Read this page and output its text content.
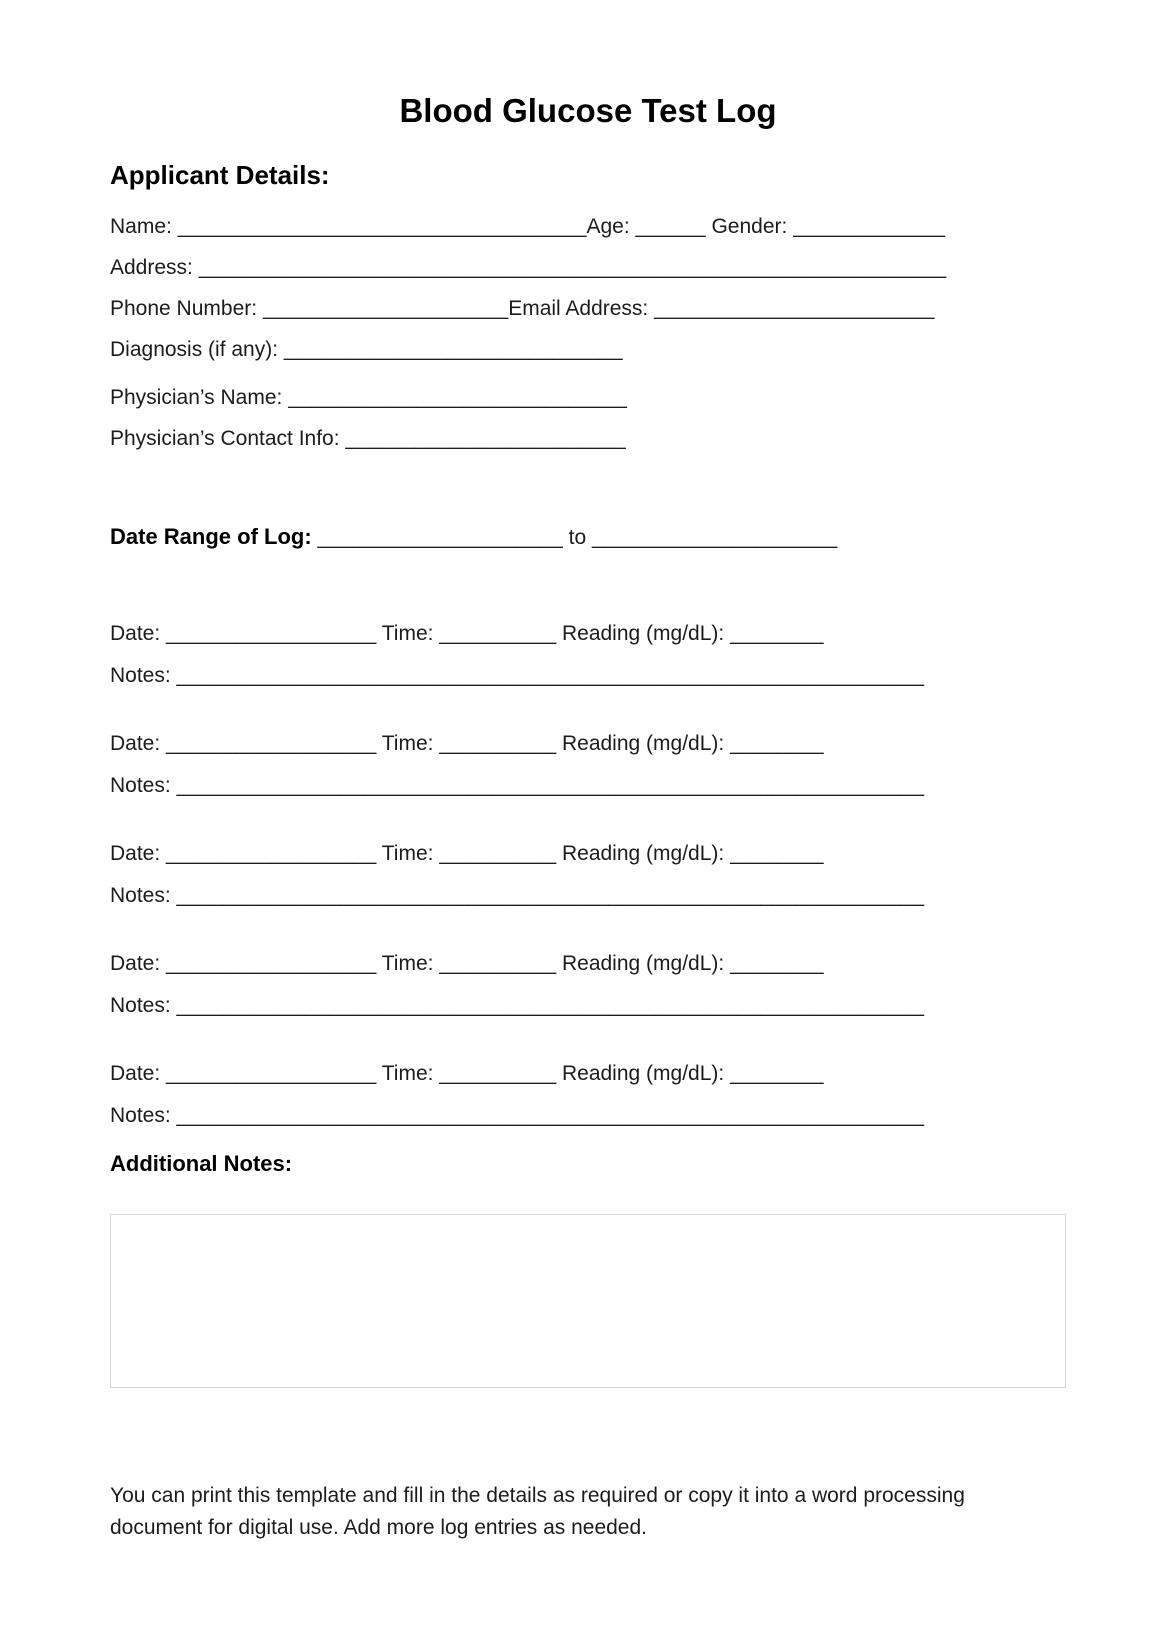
Blood Glucose Test Log
Applicant Details:

Name: ___________________________________Age: ______ Gender: _____________

Address: ________________________________________________________________

Phone Number: _____________________Email Address: ________________________

Diagnosis (if any): _____________________________

Physician’s Name: _____________________________

Physician’s Contact Info: ________________________

Date Range of Log: _____________________ to _____________________

Date: __________________ Time: __________ Reading (mg/dL): ________

Notes: ________________________________________________________________

Date: __________________ Time: __________ Reading (mg/dL): ________

Notes: ________________________________________________________________

Date: __________________ Time: __________ Reading (mg/dL): ________

Notes: ________________________________________________________________

Date: __________________ Time: __________ Reading (mg/dL): ________

Notes: ________________________________________________________________

Date: __________________ Time: __________ Reading (mg/dL): ________

Notes: ________________________________________________________________

Additional Notes:

You can print this template and fill in the details as required or copy it into a word processing document for digital use. Add more log entries as needed.
